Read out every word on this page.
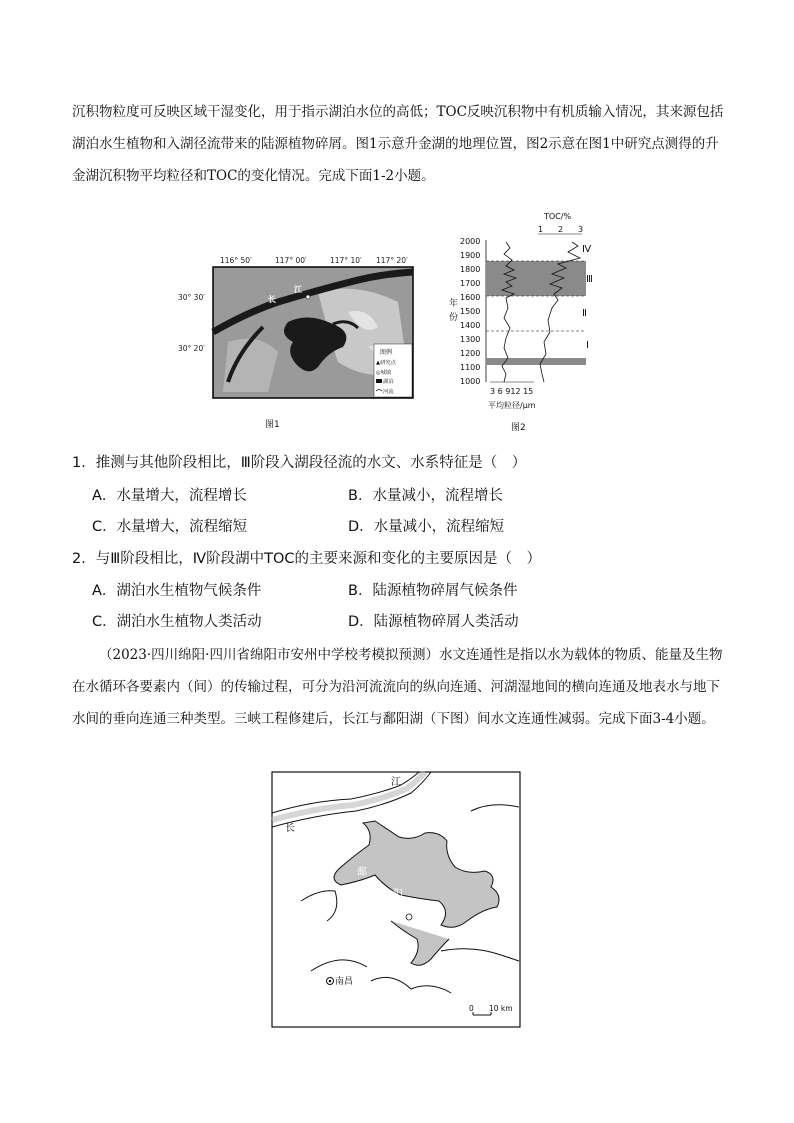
沉积物粒度可反映区域干湿变化，用于指示湖泊水位的高低；TOC反映沉积物中有机质输入情况，其来源包括湖泊水生植物和入湖径流带来的陆源植物碎屑。图1示意升金湖的地理位置，图2示意在图1中研究点测得的升金湖沉积物平均粒径和TOC的变化情况。完成下面1-2小题。

116° 50′	117° 00′	117° 10′ 117° 20′
30° 30′
30° 20′
长
江
图例
▲研究点
◎城镇
湖泊
河流
图1
TOC/%
1 2 3
2000
1900
1800
1700
1600
1500
1400
1300
1200
1100
1000
年
份
Ⅳ
Ⅲ
Ⅱ
Ⅰ
3 6 912 15
平均粒径/μm
图2
1．推测与其他阶段相比，Ⅲ阶段入湖段径流的水文、水系特征是（　）
A．水量增大，流程增长	B．水量减小，流程增长
C．水量增大，流程缩短	D．水量减小，流程缩短
2．与Ⅲ阶段相比，Ⅳ阶段湖中TOC的主要来源和变化的主要原因是（　）
A．湖泊水生植物气候条件	B．陆源植物碎屑气候条件
C．湖泊水生植物人类活动	D．陆源植物碎屑人类活动

（2023·四川绵阳·四川省绵阳市安州中学校考模拟预测）水文连通性是指以水为载体的物质、能量及生物在水循环各要素内（间）的传输过程，可分为沿河流流向的纵向连通、河湖湿地间的横向连通及地表水与地下水间的垂向连通三种类型。三峡工程修建后，长江与鄱阳湖（下图）间水文连通性减弱。完成下面3-4小题。

长
江
鄱
阳
湖
南昌
0 10 km
